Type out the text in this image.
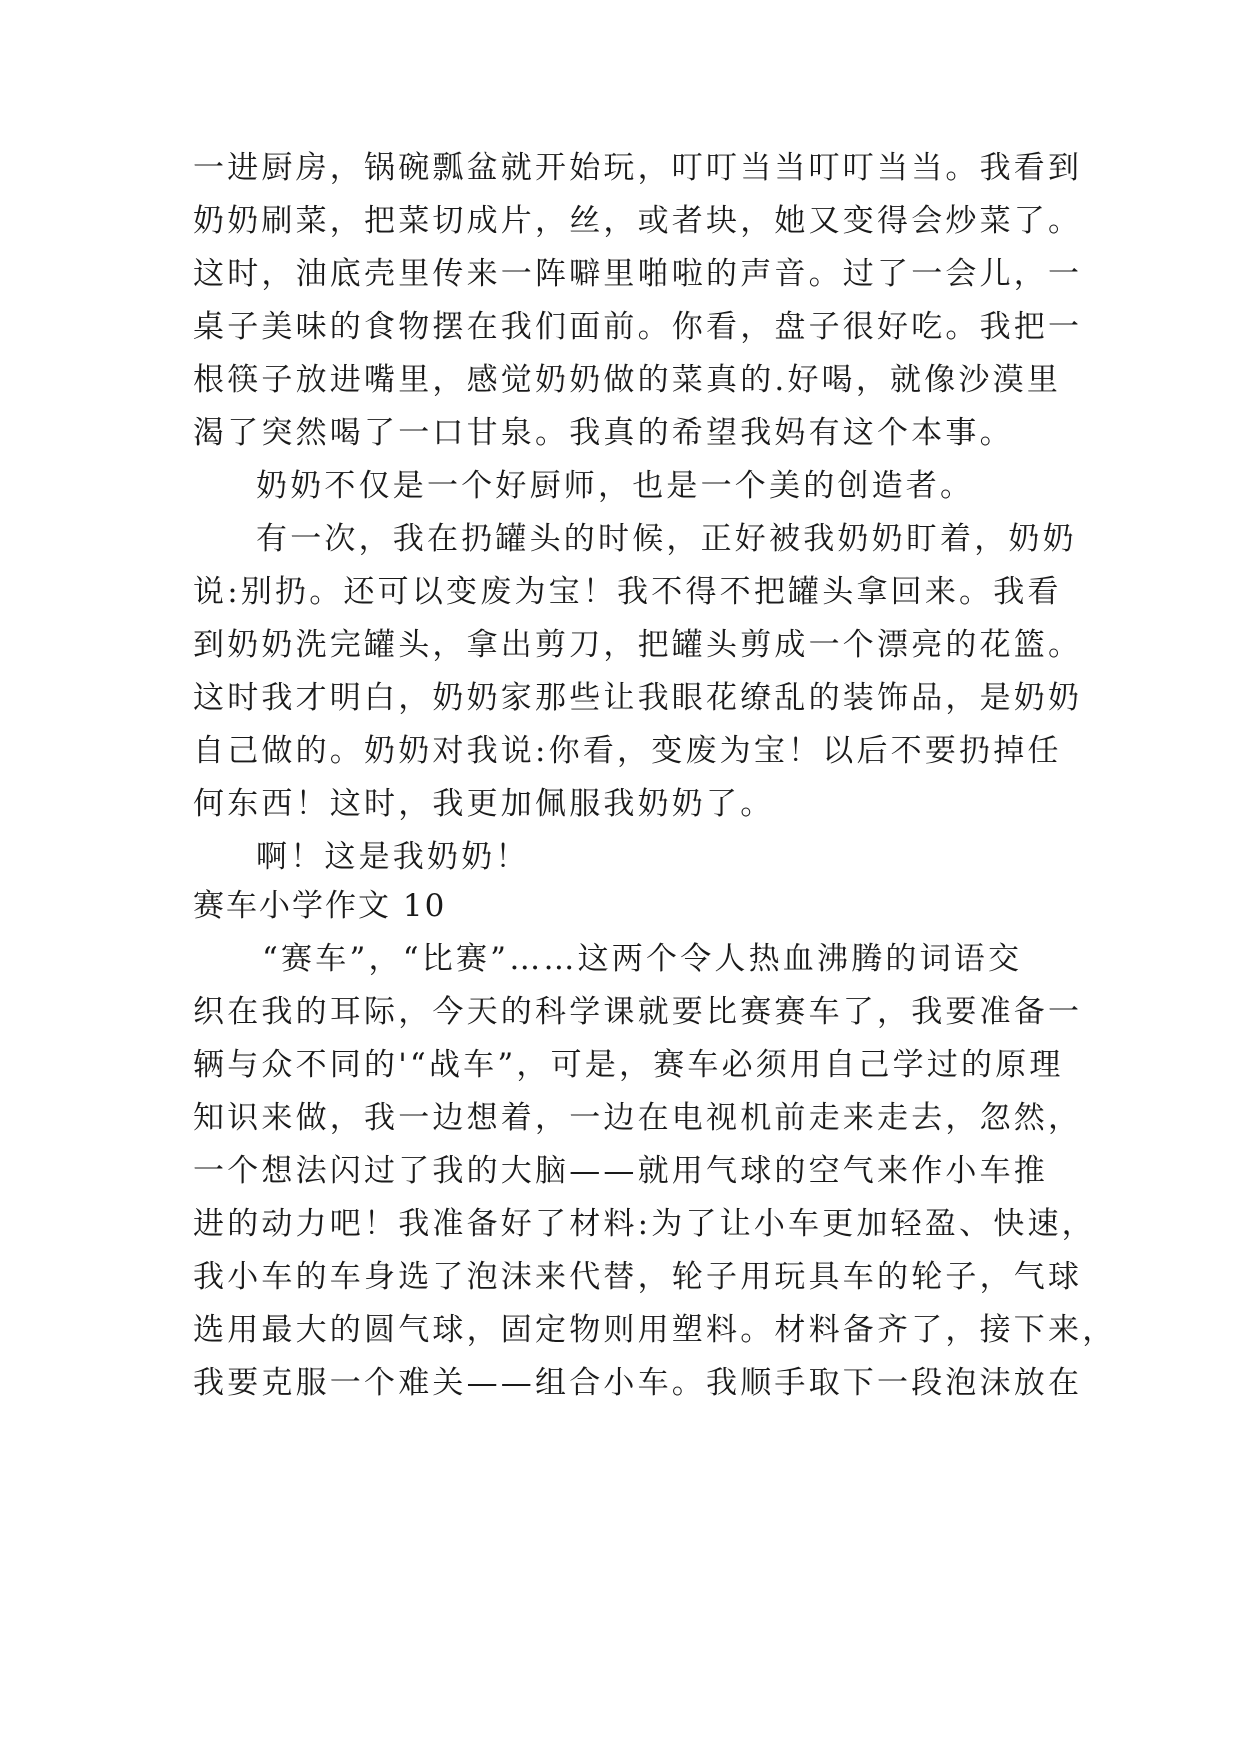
一进厨房，锅碗瓢盆就开始玩，叮叮当当叮叮当当。我看到
奶奶刷菜，把菜切成片，丝，或者块，她又变得会炒菜了。
这时，油底壳里传来一阵噼里啪啦的声音。过了一会儿，一
桌子美味的食物摆在我们面前。你看，盘子很好吃。我把一
根筷子放进嘴里，感觉奶奶做的菜真的.好喝，就像沙漠里
渴了突然喝了一口甘泉。我真的希望我妈有这个本事。
奶奶不仅是一个好厨师，也是一个美的创造者。
有一次，我在扔罐头的时候，正好被我奶奶盯着，奶奶
说:别扔。还可以变废为宝！我不得不把罐头拿回来。我看
到奶奶洗完罐头，拿出剪刀，把罐头剪成一个漂亮的花篮。
这时我才明白，奶奶家那些让我眼花缭乱的装饰品，是奶奶
自己做的。奶奶对我说:你看，变废为宝！以后不要扔掉任
何东西！这时，我更加佩服我奶奶了。
啊！这是我奶奶！
赛车小学作文 10
“赛车”，“比赛”……这两个令人热血沸腾的词语交
织在我的耳际，今天的科学课就要比赛赛车了，我要准备一
辆与众不同的'“战车”，可是，赛车必须用自己学过的原理
知识来做，我一边想着，一边在电视机前走来走去，忽然，
一个想法闪过了我的大脑——就用气球的空气来作小车推
进的动力吧！我准备好了材料:为了让小车更加轻盈、快速，
我小车的车身选了泡沫来代替，轮子用玩具车的轮子，气球
选用最大的圆气球，固定物则用塑料。材料备齐了，接下来，
我要克服一个难关——组合小车。我顺手取下一段泡沫放在
